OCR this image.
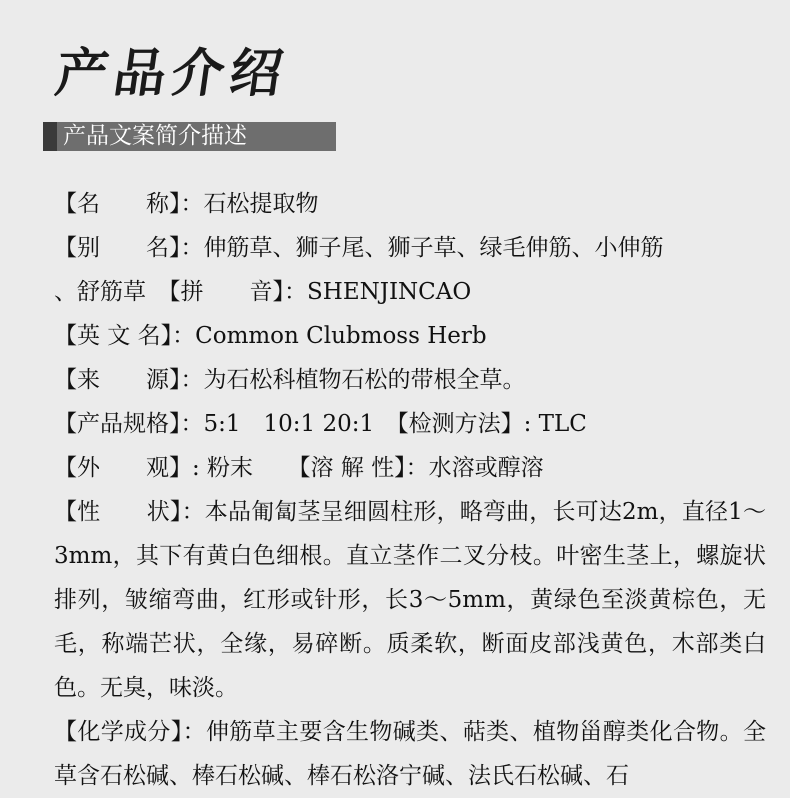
产品介绍
产品文案简介描述
【名　　称】：石松提取物
【别　　名】：伸筋草、狮子尾、狮子草、绿毛伸筋、小伸筋
、舒筋草　【拼　　音】：SHENJINCAO
【英 文 名】：Common Clubmoss Herb
【来　　源】：为石松科植物石松的带根全草。
【产品规格】：5:1　10:1 20:1　【检测方法】: TLC
【外　　观】: 粉末　　【溶 解 性】：水溶或醇溶
【性　　状】：本品匍匐茎呈细圆柱形，略弯曲，长可达2m，直径1～3mm，其下有黄白色细根。直立茎作二叉分枝。叶密生茎上，螺旋状排列，皱缩弯曲，红形或针形，长3～5mm，黄绿色至淡黄棕色，无毛，称端芒状，全缘，易碎断。质柔软，断面皮部浅黄色，木部类白色。无臭，味淡。
【化学成分】：伸筋草主要含生物碱类、萜类、植物甾醇类化合物。全草含石松碱、棒石松碱、棒石松洛宁碱、法氏石松碱、石
